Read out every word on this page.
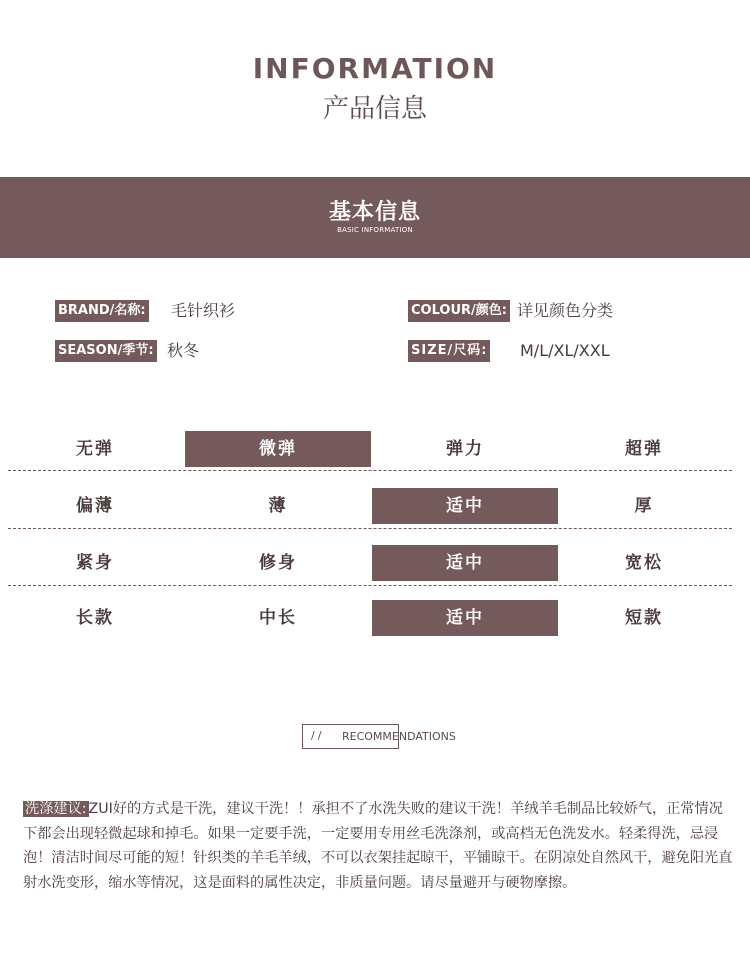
INFORMATION
产品信息
基本信息
BASIC INFORMATION
BRAND/名称: 毛针织衫	COLOUR/颜色: 详见颜色分类
SEASON/季节: 秋冬	SIZE/尺码: M/L/XL/XXL
无弹	微弹	弹力	超弹
偏薄	薄	适中	厚
紧身	修身	适中	宽松
长款	中长	适中	短款
// RECOMMENDATIONS
洗涤建议: ZUI好的方式是干洗，建议干洗！！承担不了水洗失败的建议干洗！羊绒羊毛制品比较娇气，正常情况下都会出现轻微起球和掉毛。如果一定要手洗，一定要用专用丝毛洗涤剂，或高档无色洗发水。轻柔得洗，忌浸泡！清洁时间尽可能的短！针织类的羊毛羊绒，不可以衣架挂起晾干，平铺晾干。在阴凉处自然风干，避免阳光直射水洗变形，缩水等情况，这是面料的属性决定，非质量问题。请尽量避开与硬物摩擦。
